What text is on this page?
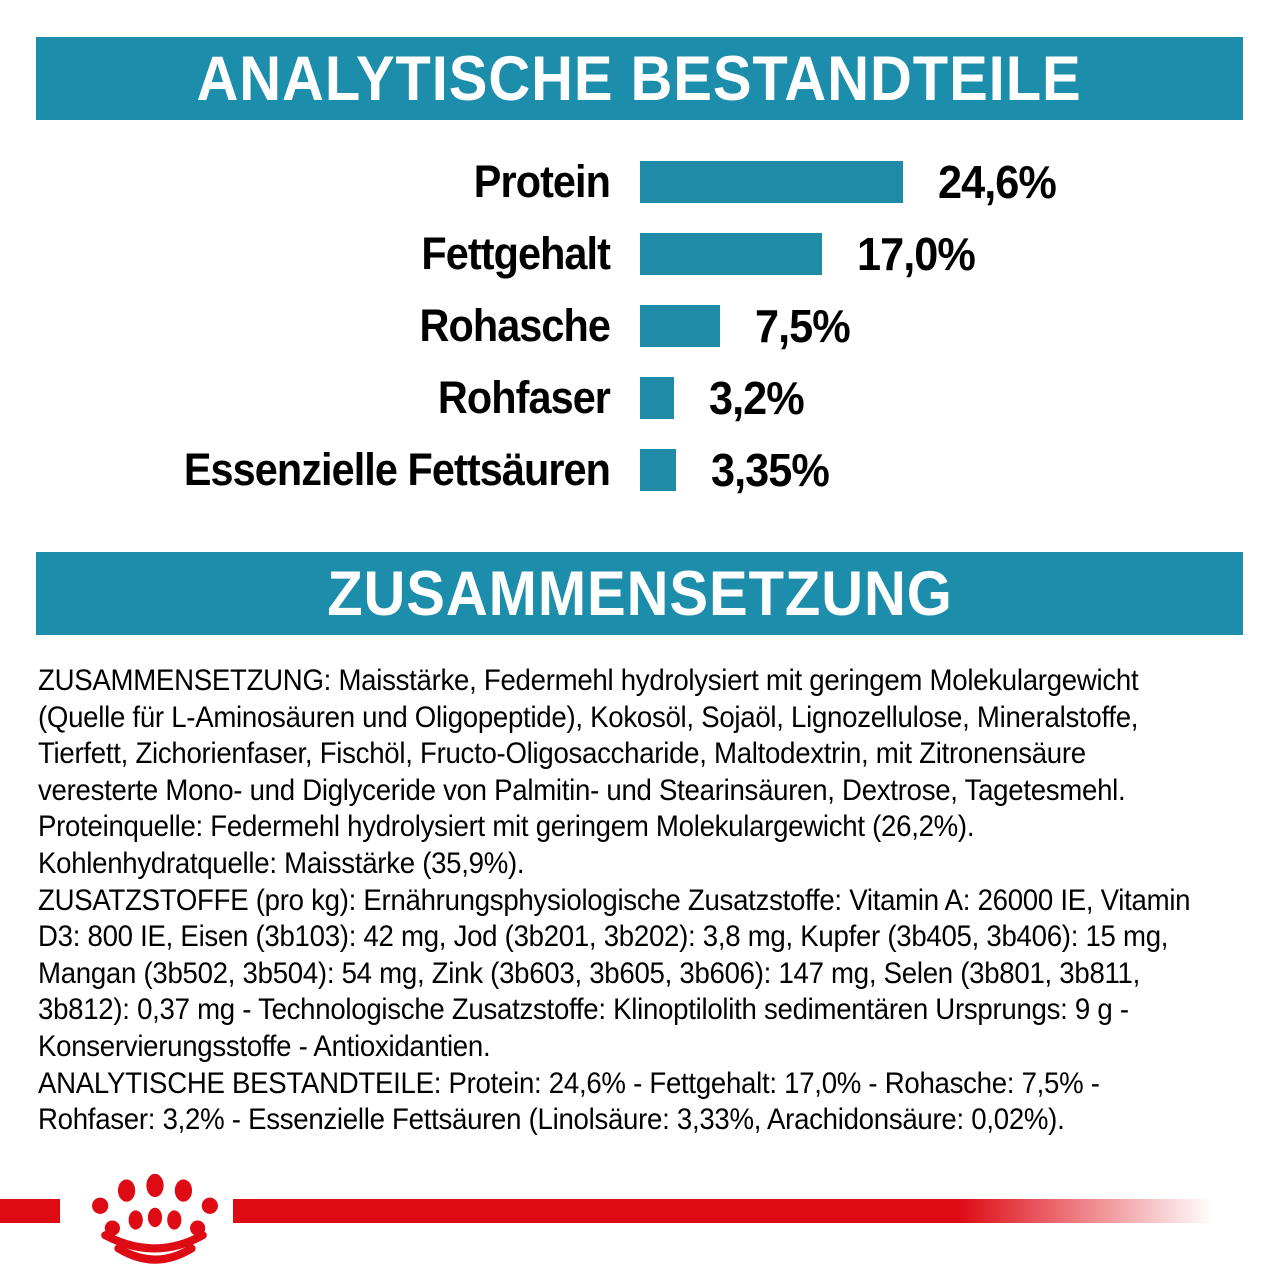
ANALYTISCHE BESTANDTEILE
Protein	24,6%
Fettgehalt	17,0%
Rohasche	7,5%
Rohfaser 3,2%
Essenzielle Fettsäuren 3,35%
ZUSAMMENSETZUNG
ZUSAMMENSETZUNG: Maisstärke, Federmehl hydrolysiert mit geringem Molekulargewicht
(Quelle für L-Aminosäuren und Oligopeptide), Kokosöl, Sojaöl, Lignozellulose, Mineralstoffe,
Tierfett, Zichorienfaser, Fischöl, Fructo-Oligosaccharide, Maltodextrin, mit Zitronensäure
veresterte Mono- und Diglyceride von Palmitin- und Stearinsäuren, Dextrose, Tagetesmehl.
Proteinquelle: Federmehl hydrolysiert mit geringem Molekulargewicht (26,2%).
Kohlenhydratquelle: Maisstärke (35,9%).
ZUSATZSTOFFE (pro kg): Ernährungsphysiologische Zusatzstoffe: Vitamin A: 26000 IE, Vitamin
D3: 800 IE, Eisen (3b103): 42 mg, Jod (3b201, 3b202): 3,8 mg, Kupfer (3b405, 3b406): 15 mg,
Mangan (3b502, 3b504): 54 mg, Zink (3b603, 3b605, 3b606): 147 mg, Selen (3b801, 3b811,
3b812): 0,37 mg - Technologische Zusatzstoffe: Klinoptilolith sedimentären Ursprungs: 9 g -
Konservierungsstoffe - Antioxidantien.
ANALYTISCHE BESTANDTEILE: Protein: 24,6% - Fettgehalt: 17,0% - Rohasche: 7,5% -
Rohfaser: 3,2% - Essenzielle Fettsäuren (Linolsäure: 3,33%, Arachidonsäure: 0,02%).
